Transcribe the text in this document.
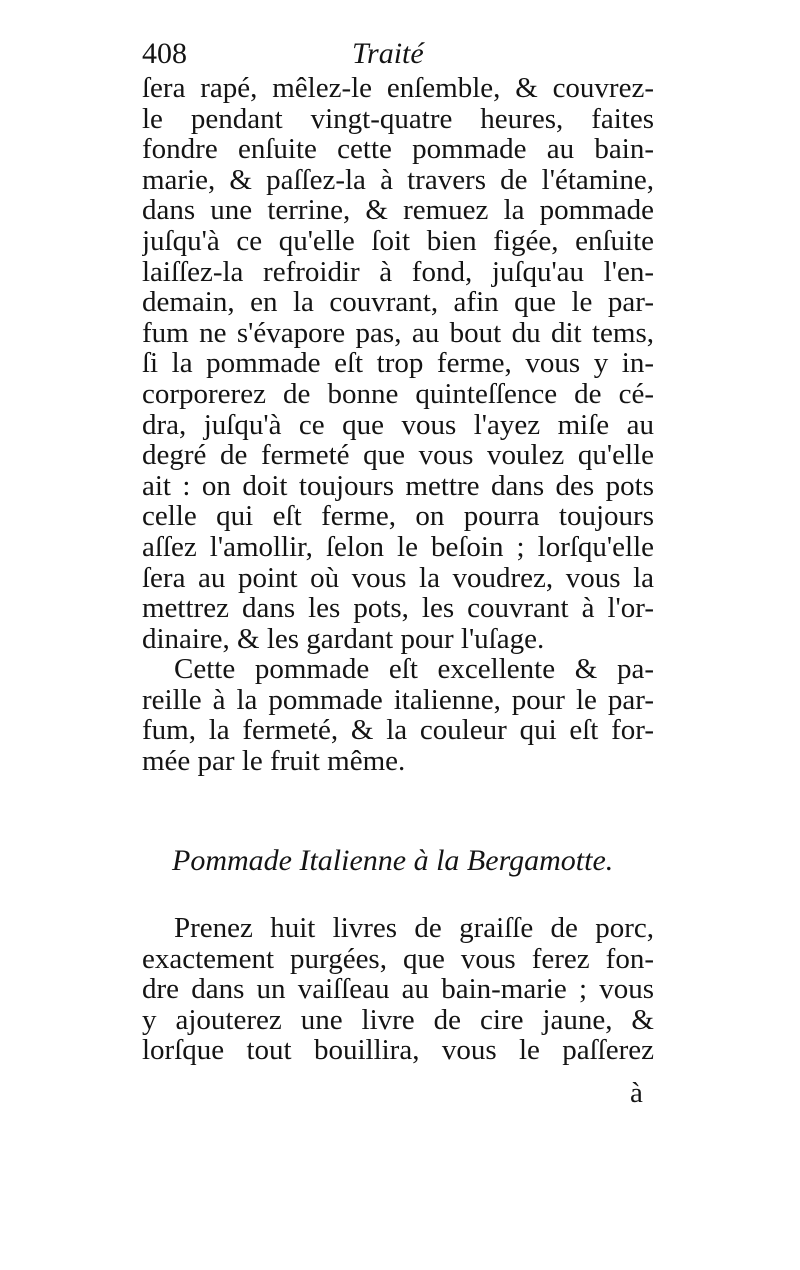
408	Traité
ſera rapé, mêlez-le enſemble, & couvrez-
le pendant vingt-quatre heures, faites
fondre enſuite cette pommade au bain-
marie, & paſſez-la à travers de l'étamine,
dans une terrine, & remuez la pommade
juſqu'à ce qu'elle ſoit bien figée, enſuite
laiſſez-la refroidir à fond, juſqu'au l'en-
demain, en la couvrant, afin que le par-
fum ne s'évapore pas, au bout du dit tems,
ſi la pommade eſt trop ferme, vous y in-
corporerez de bonne quinteſſence de cé-
dra, juſqu'à ce que vous l'ayez miſe au
degré de fermeté que vous voulez qu'elle
ait : on doit toujours mettre dans des pots
celle qui eſt ferme, on pourra toujours
aſſez l'amollir, ſelon le beſoin ; lorſqu'elle
ſera au point où vous la voudrez, vous la
mettrez dans les pots, les couvrant à l'or-
dinaire, & les gardant pour l'uſage.
Cette pommade eſt excellente & pa-
reille à la pommade italienne, pour le par-
fum, la fermeté, & la couleur qui eſt for-
mée par le fruit même.
Pommade Italienne à la Bergamotte.
Prenez huit livres de graiſſe de porc,
exactement purgées, que vous ferez fon-
dre dans un vaiſſeau au bain-marie ; vous
y ajouterez une livre de cire jaune, &
lorſque tout bouillira, vous le paſſerez
à
